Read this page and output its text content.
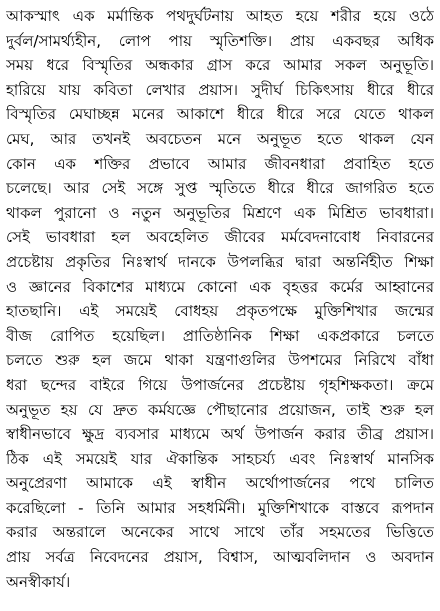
আকস্মাৎ এক মর্মান্তিক পথদুর্ঘটনায় আহত হয়ে শরীর হয়ে ওঠে
দুর্বল/সামর্থ্যহীন, লোপ পায় স্মৃতিশক্তি। প্রায় একবছর অধিক
সময় ধরে বিস্মৃতির অন্ধকার গ্রাস করে আমার সকল অনুভূতি।
হারিয়ে যায় কবিতা লেখার প্রয়াস। সুদীর্ঘ চিকিৎসায় ধীরে ধীরে
বিস্মৃতির মেঘাচ্ছন্ন মনের আকাশে ধীরে ধীরে সরে যেতে থাকল
মেঘ, আর তখনই অবচেতন মনে অনুভূত হতে থাকল যেন
কোন এক শক্তির প্রভাবে আমার জীবনধারা প্রবাহিত হতে
চলেছে। আর সেই সঙ্গে সুপ্ত স্মৃতিতে ধীরে ধীরে জাগরিত হতে
থাকল পুরানো ও নতুন অনুভূতির মিশ্রণে এক মিশ্রিত ভাবধারা।
সেই ভাবধারা হল অবহেলিত জীবের মর্মবেদনাবোধ নিবারনের
প্রচেষ্টায় প্রকৃতির নিঃস্বার্থ দানকে উপলব্ধির দ্বারা অন্তর্নিহীত শিক্ষা
ও জ্ঞানের বিকাশের মাধ্যমে কোনো এক বৃহত্তর কর্মের আহ্বানের
হাতছানি। এই সময়েই বোধহয় প্রকৃতপক্ষে মুক্তিশিখার জন্মের
বীজ রোপিত হয়েছিল। প্রাতিষ্ঠানিক শিক্ষা একপ্রকারে চলতে
চলতে শুরু হল জমে থাকা যন্ত্রণাগুলির উপশমের নিরিখে বাঁধা
ধরা ছন্দের বাইরে গিয়ে উপার্জনের প্রচেষ্টায় গৃহশিক্ষকতা। ক্রমে
অনুভূত হয় যে দ্রুত কর্মযজ্ঞে পৌছানোর প্রয়োজন, তাই শুরু হল
স্বাধীনভাবে ক্ষুদ্র ব্যবসার মাধ্যমে অর্থ উপার্জন করার তীব্র প্রয়াস।
ঠিক এই সময়েই যার ঐকান্তিক সাহচর্য্য এবং নিঃস্বার্থ মানসিক
অনুপ্রেরণা আমাকে এই স্বাধীন অর্থোপার্জনের পথে চালিত
করেছিলো - তিনি আমার সহধর্মিনী। মুক্তিশিখাকে বাস্তবে রূপদান
করার অন্তরালে অনেকের সাথে সাথে তাঁর সহমতের ভিত্তিতে
প্রায় সর্বত্র নিবেদনের প্রয়াস, বিশ্বাস, আত্মবলিদান ও অবদান
অনস্বীকার্য।
